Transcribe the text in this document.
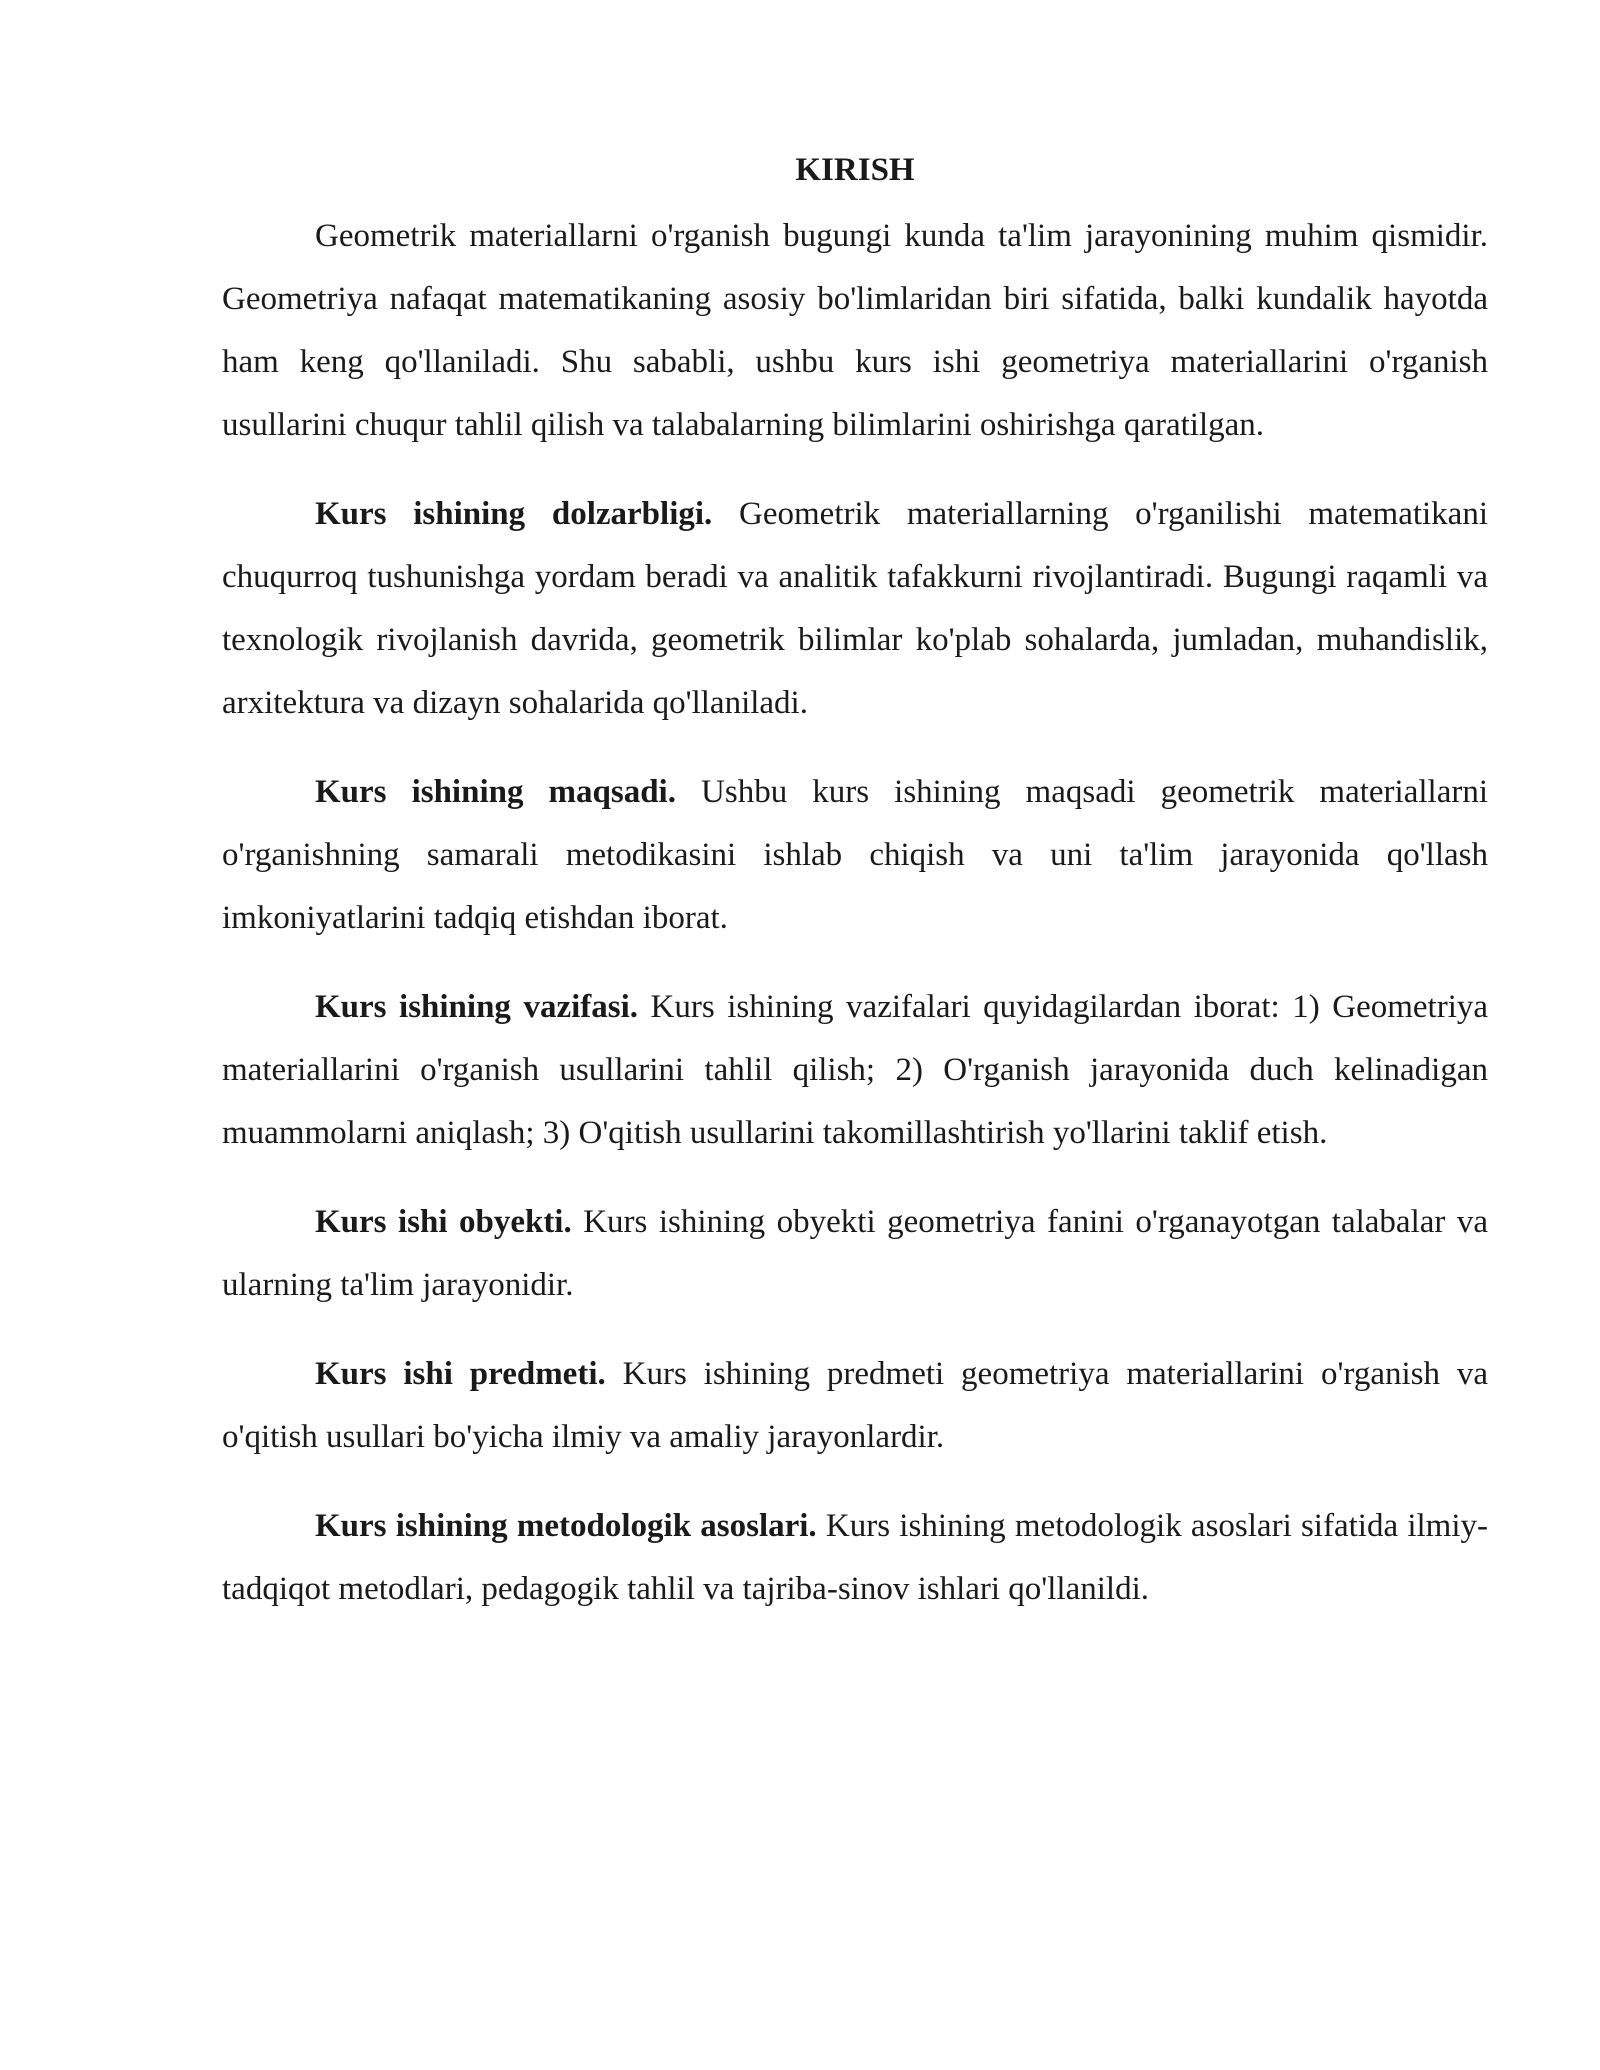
KIRISH

Geometrik materiallarni o'rganish bugungi kunda ta'lim jarayonining muhim qismidir. Geometriya nafaqat matematikaning asosiy bo'limlaridan biri sifatida, balki kundalik hayotda ham keng qo'llaniladi. Shu sababli, ushbu kurs ishi geometriya materiallarini o'rganish usullarini chuqur tahlil qilish va talabalarning bilimlarini oshirishga qaratilgan.

Kurs ishining dolzarbligi. Geometrik materiallarning o'rganilishi matematikani chuqurroq tushunishga yordam beradi va analitik tafakkurni rivojlantiradi. Bugungi raqamli va texnologik rivojlanish davrida, geometrik bilimlar ko'plab sohalarda, jumladan, muhandislik, arxitektura va dizayn sohalarida qo'llaniladi.

Kurs ishining maqsadi. Ushbu kurs ishining maqsadi geometrik materiallarni o'rganishning samarali metodikasini ishlab chiqish va uni ta'lim jarayonida qo'llash imkoniyatlarini tadqiq etishdan iborat.

Kurs ishining vazifasi. Kurs ishining vazifalari quyidagilardan iborat: 1) Geometriya materiallarini o'rganish usullarini tahlil qilish; 2) O'rganish jarayonida duch kelinadigan muammolarni aniqlash; 3) O'qitish usullarini takomillashtirish yo'llarini taklif etish.

Kurs ishi obyekti. Kurs ishining obyekti geometriya fanini o'rganayotgan talabalar va ularning ta'lim jarayonidir.

Kurs ishi predmeti. Kurs ishining predmeti geometriya materiallarini o'rganish va o'qitish usullari bo'yicha ilmiy va amaliy jarayonlardir.

Kurs ishining metodologik asoslari. Kurs ishining metodologik asoslari sifatida ilmiy-tadqiqot metodlari, pedagogik tahlil va tajriba-sinov ishlari qo'llanildi.
